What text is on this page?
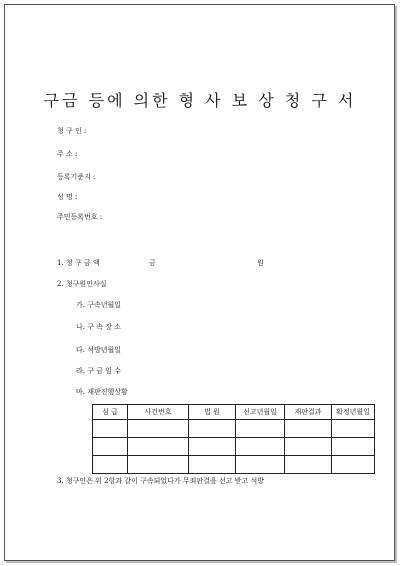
구금 등에 의한 형 사 보 상 청 구 서
청 구 인 :
주 소 :
등록기준지 :
성 명 :
주민등록번호 :
1. 청 구 금 액	금	원
2. 청구원인사실
가. 구속년월일
나. 구 속 장 소
다. 석방년월일
라. 구 금 일 수
마. 재판진행상황
심 급	사건번호	법 원	선고년월일	재판결과	확정년월일

3. 청구인은 위 2항과 같이 구속되었다가 무죄판결을 선고 받고 석방
